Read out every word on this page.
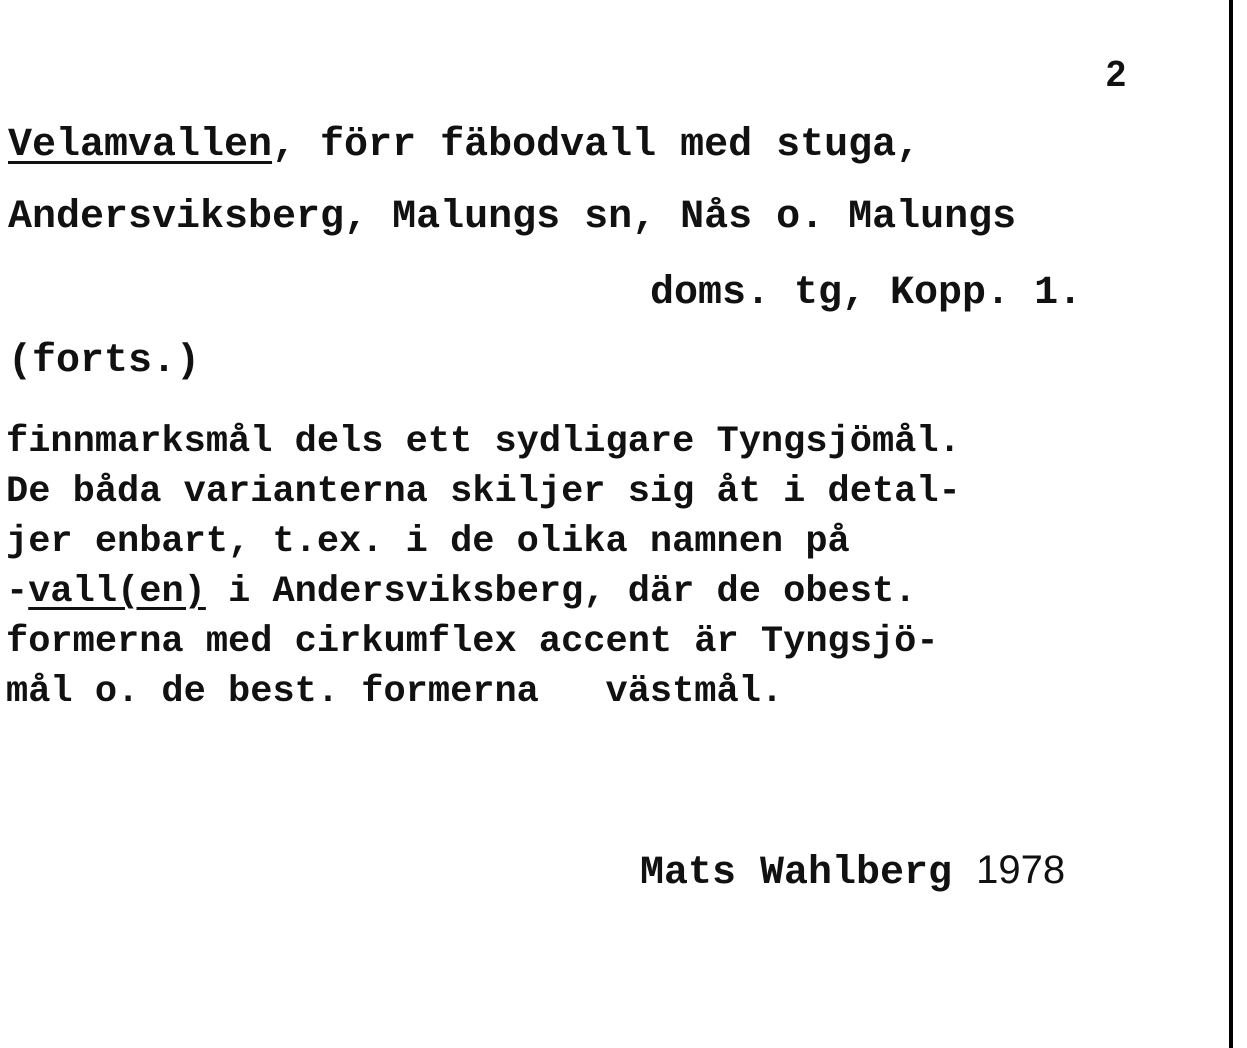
2
Velamvallen, förr fäbodvall med stuga,
Andersviksberg, Malungs sn, Nås o. Malungs
doms. tg, Kopp. 1.
(forts.)
finnmarksmål dels ett sydligare Tyngsjömål.
De båda varianterna skiljer sig åt i detal-
jer enbart, t.ex. i de olika namnen på
-vall(en) i Andersviksberg, där de obest.
formerna med cirkumflex accent är Tyngsjö-
mål o. de best. formerna   västmål.
Mats Wahlberg 1978
